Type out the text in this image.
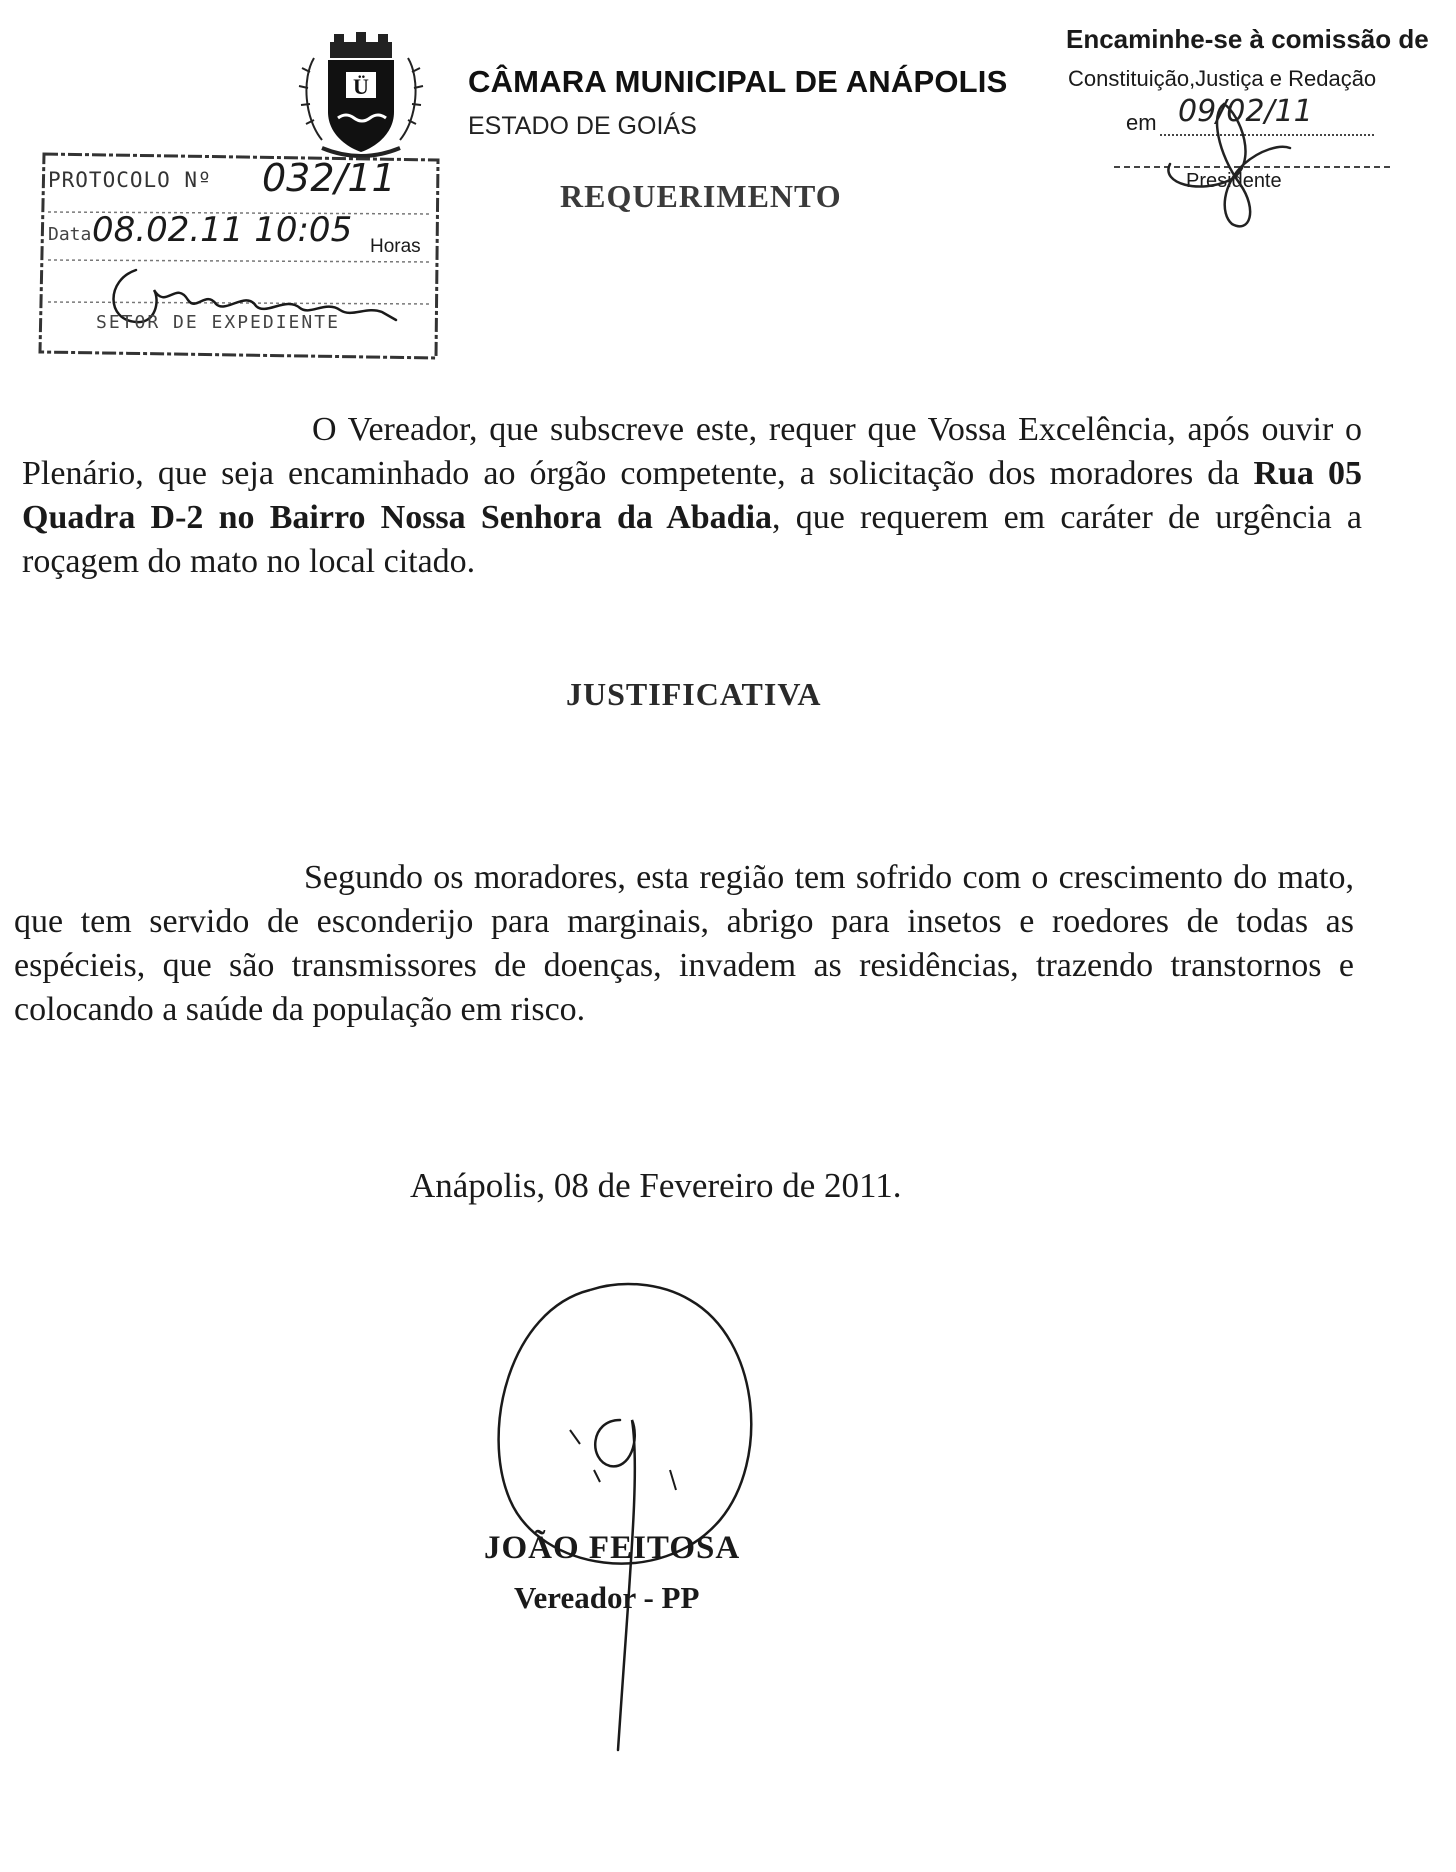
Ü	CÂMARA MUNICIPAL DE ANÁPOLIS
ESTADO DE GOIÁS
Encaminhe-se à comissão de
Constituição,Justiça e Redação
em 09/02/11
Presidente
PROTOCOLO Nº 032/11
Data 08.02.11 10:05 Horas
SETOR DE EXPEDIENTE
REQUERIMENTO
O Vereador, que subscreve este, requer que Vossa Excelência, após ouvir o Plenário, que seja encaminhado ao órgão competente, a solicitação dos moradores da Rua 05 Quadra D-2 no Bairro Nossa Senhora da Abadia, que requerem em caráter de urgência a roçagem do mato no local citado.
JUSTIFICATIVA
Segundo os moradores, esta região tem sofrido com o crescimento do mato, que tem servido de esconderijo para marginais, abrigo para insetos e roedores de todas as espécieis, que são transmissores de doenças, invadem as residências, trazendo transtornos e colocando a saúde da população em risco.
Anápolis, 08 de Fevereiro de 2011.
JOÃO FEITOSA
Vereador - PP
